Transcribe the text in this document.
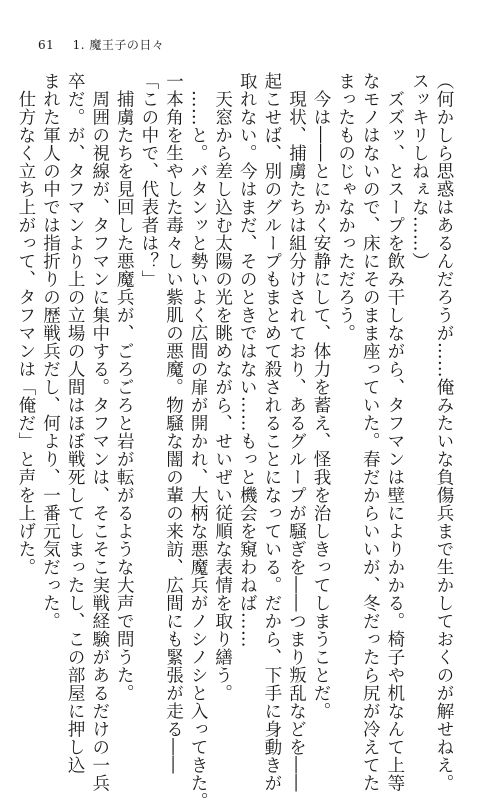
61 1. 魔王子の日々

（何かしら思惑はあるんだろうが……俺みたいな負傷兵まで生かしておくのが解せねえ。

スッキリしねぇな……）

　ズズッ、とスープを飲み干しながら、タフマンは壁によりかかる。椅子や机なんて上等

なモノはないので、床にそのまま座っていた。春だからいいが、冬だったら尻が冷えてた

まったものじゃなかっただろう。

　今は――とにかく安静にして、体力を蓄え、怪我を治しきってしまうことだ。

　現状、捕虜たちは組分けされており、あるグループが騒ぎを――つまり叛乱などを――

起こせば、別のグループもまとめて殺されることになっている。だから、下手に身動きが

取れない。今はまだ、そのときではない……もっと機会を窺わねば……

　天窓から差し込む太陽の光を眺めながら、せいぜい従順な表情を取り繕う。

　……と。バタンッと勢いよく広間の扉が開かれ、大柄な悪魔兵がノシノシと入ってきた。

一本角を生やした毒々しい紫肌の悪魔。物騒な闇の輩の来訪、広間にも緊張が走る――

「この中で、代表者は？」

　捕虜たちを見回した悪魔兵が、ごろごろと岩が転がるような大声で問うた。

　周囲の視線が、タフマンに集中する。タフマンは、そこそこ実戦経験があるだけの一兵

卒だ。が、タフマンより上の立場の人間はほぼ戦死してしまったし、この部屋に押し込

まれた軍人の中では指折りの歴戦兵だし、何より、一番元気だった。

　仕方なく立ち上がって、タフマンは「俺だ」と声を上げた。
